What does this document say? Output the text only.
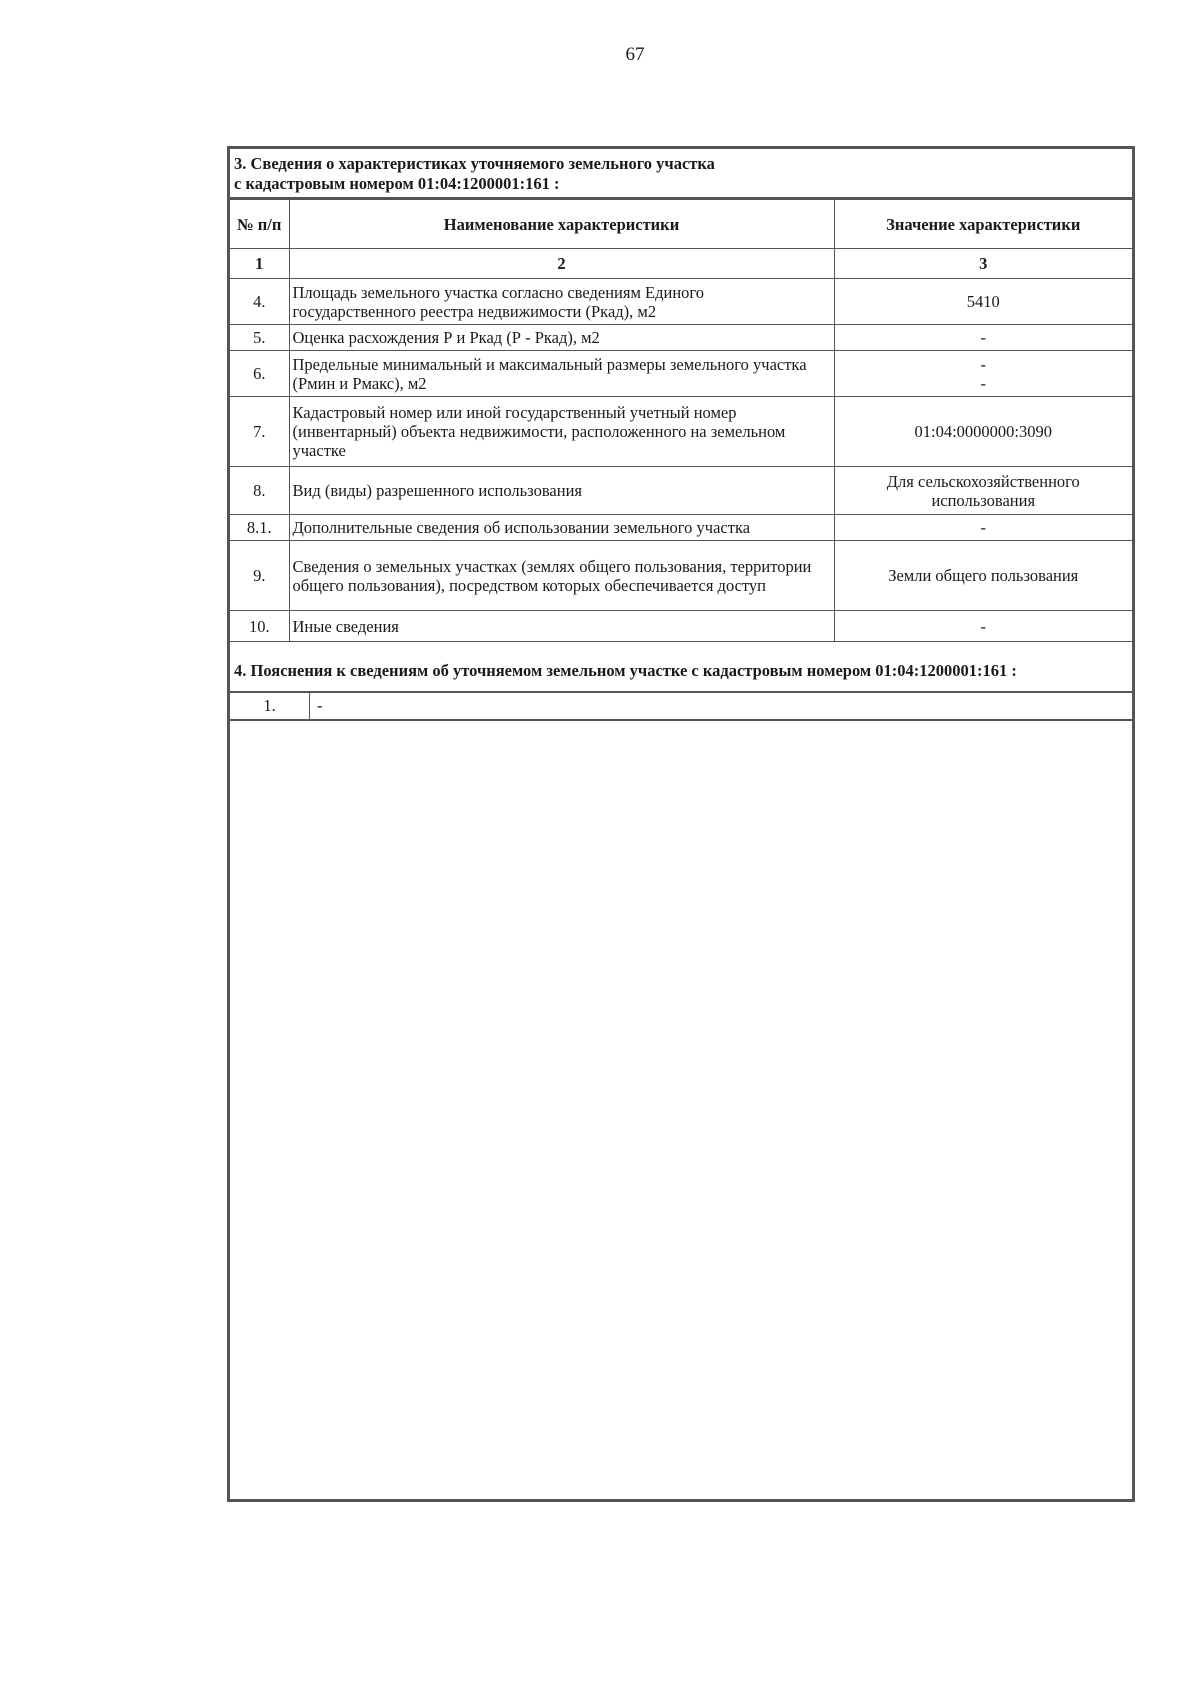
67
3. Сведения о характеристиках уточняемого земельного участка
с кадастровым номером 01:04:1200001:161 :
№ п/п	Наименование характеристики	Значение характеристики
1	2	3
4.	Площадь земельного участка согласно сведениям Единого государственного реестра недвижимости (Ркад), м2	5410
5.	Оценка расхождения Р и Ркад (Р - Ркад), м2	-
6.	Предельные минимальный и максимальный размеры земельного участка (Рмин и Рмакс), м2	-
-

7.	Кадастровый номер или иной государственный учетный номер (инвентарный) объекта недвижимости, расположенного на земельном участке	01:04:0000000:3090
8.	Вид (виды) разрешенного использования	Для сельскохозяйственного использования
8.1.	Дополнительные сведения об использовании земельного участка	-
9.	Сведения о земельных участках (землях общего пользования, территории общего пользования), посредством которых обеспечивается доступ	Земли общего пользования
10.	Иные сведения	-
4. Пояснения к сведениям об уточняемом земельном участке с кадастровым номером 01:04:1200001:161 :
1.	-
